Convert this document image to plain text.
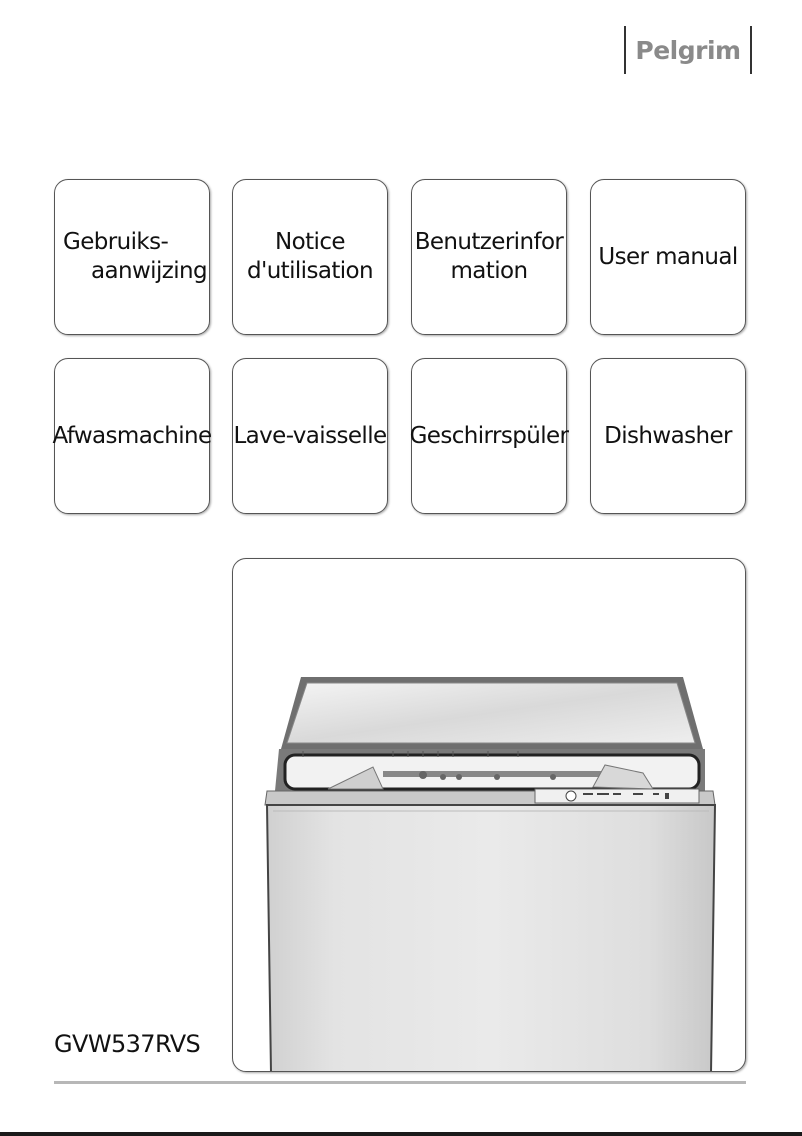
Pelgrim
Gebruiks-
aanwijzing
Notice
d'utilisation
Benutzerinfor
mation
User manual
Afwasmachine Lave-vaisselle Geschirrspüler Dishwasher
GVW537RVS
